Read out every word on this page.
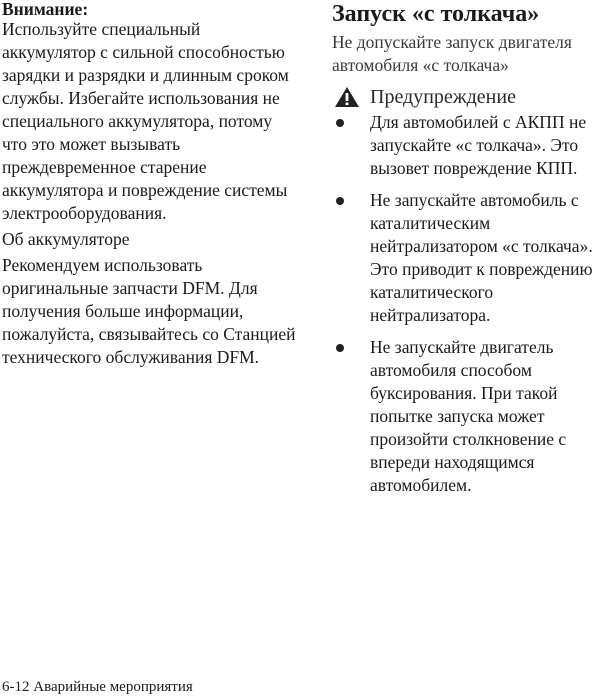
Внимание:

Используйте специальный аккумулятор с сильной способностью зарядки и разрядки и длинным сроком службы. Избегайте использования не специального аккумулятора, потому что это может вызывать преждевременное старение аккумулятора и повреждение системы электрооборудования.

Об аккумуляторе

Рекомендуем использовать оригинальные запчасти DFM. Для получения больше информации, пожалуйста, связывайтесь со Станцией технического обслуживания DFM.

Запуск «с толкача»

Не допускайте запуск двигателя автомобиля «с толкача»

Предупреждение
Для автомобилей с АКПП не запускайте «с толкача». Это вызовет повреждение КПП.
Не запускайте автомобиль с каталитическим нейтрализатором «с толкача». Это приводит к повреждению каталитического нейтрализатора.
Не запускайте двигатель автомобиля способом буксирования. При такой попытке запуска может произойти столкновение с впереди находящимся автомобилем.
6-12 Аварийные мероприятия
